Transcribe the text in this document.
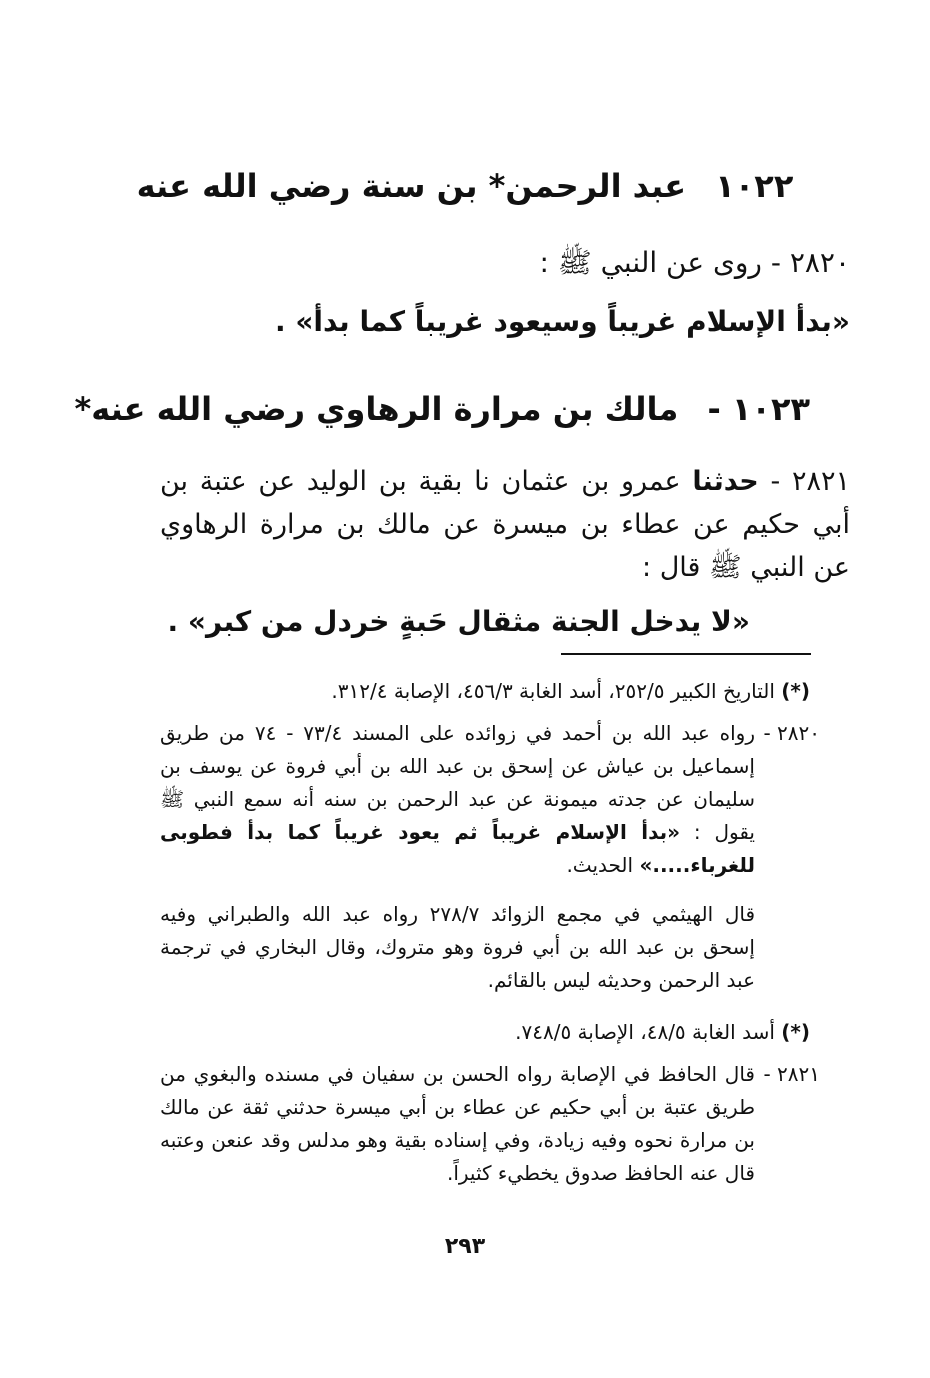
١٠٢٢ عبد الرحمن* بن سنة رضي الله عنه
٢٨٢٠ - روى عن النبي ﷺ :
«بدأ الإسلام غريباً وسيعود غريباً كما بدأ» .
١٠٢٣ - مالك بن مرارة الرهاوي رضي الله عنه*
٢٨٢١ - حدثنا عمرو بن عثمان نا بقية بن الوليد عن عتبة بن أبي حكيم عن عطاء بن ميسرة عن مالك بن مرارة الرهاوي عن النبي ﷺ قال :
«لا يدخل الجنة مثقال حَبةٍ خردل من كبر» .
(*) التاريخ الكبير ٢٥٢/٥، أسد الغابة ٤٥٦/٣، الإصابة ٣١٢/٤.
٢٨٢٠ -
رواه عبد الله بن أحمد في زوائده على المسند ٧٣/٤ - ٧٤ من طريق إسماعيل بن عياش عن إسحق بن عبد الله بن أبي فروة عن يوسف بن سليمان عن جدته ميمونة عن عبد الرحمن بن سنه أنه سمع النبي ﷺ يقول : «بدأ الإسلام غريباً ثم يعود غريباً كما بدأ فطوبى للغرباء.....» الحديث.
قال الهيثمي في مجمع الزوائد ٢٧٨/٧ رواه عبد الله والطبراني وفيه إسحق بن عبد الله بن أبي فروة وهو متروك، وقال البخاري في ترجمة عبد الرحمن وحديثه ليس بالقائم.
(*) أسد الغابة ٤٨/٥، الإصابة ٧٤٨/٥.
٢٨٢١ -
قال الحافظ في الإصابة رواه الحسن بن سفيان في مسنده والبغوي من طريق عتبة بن أبي حكيم عن عطاء بن أبي ميسرة حدثني ثقة عن مالك بن مرارة نحوه وفيه زيادة، وفي إسناده بقية وهو مدلس وقد عنعن وعتبه قال عنه الحافظ صدوق يخطيء كثيراً.
٢٩٣
